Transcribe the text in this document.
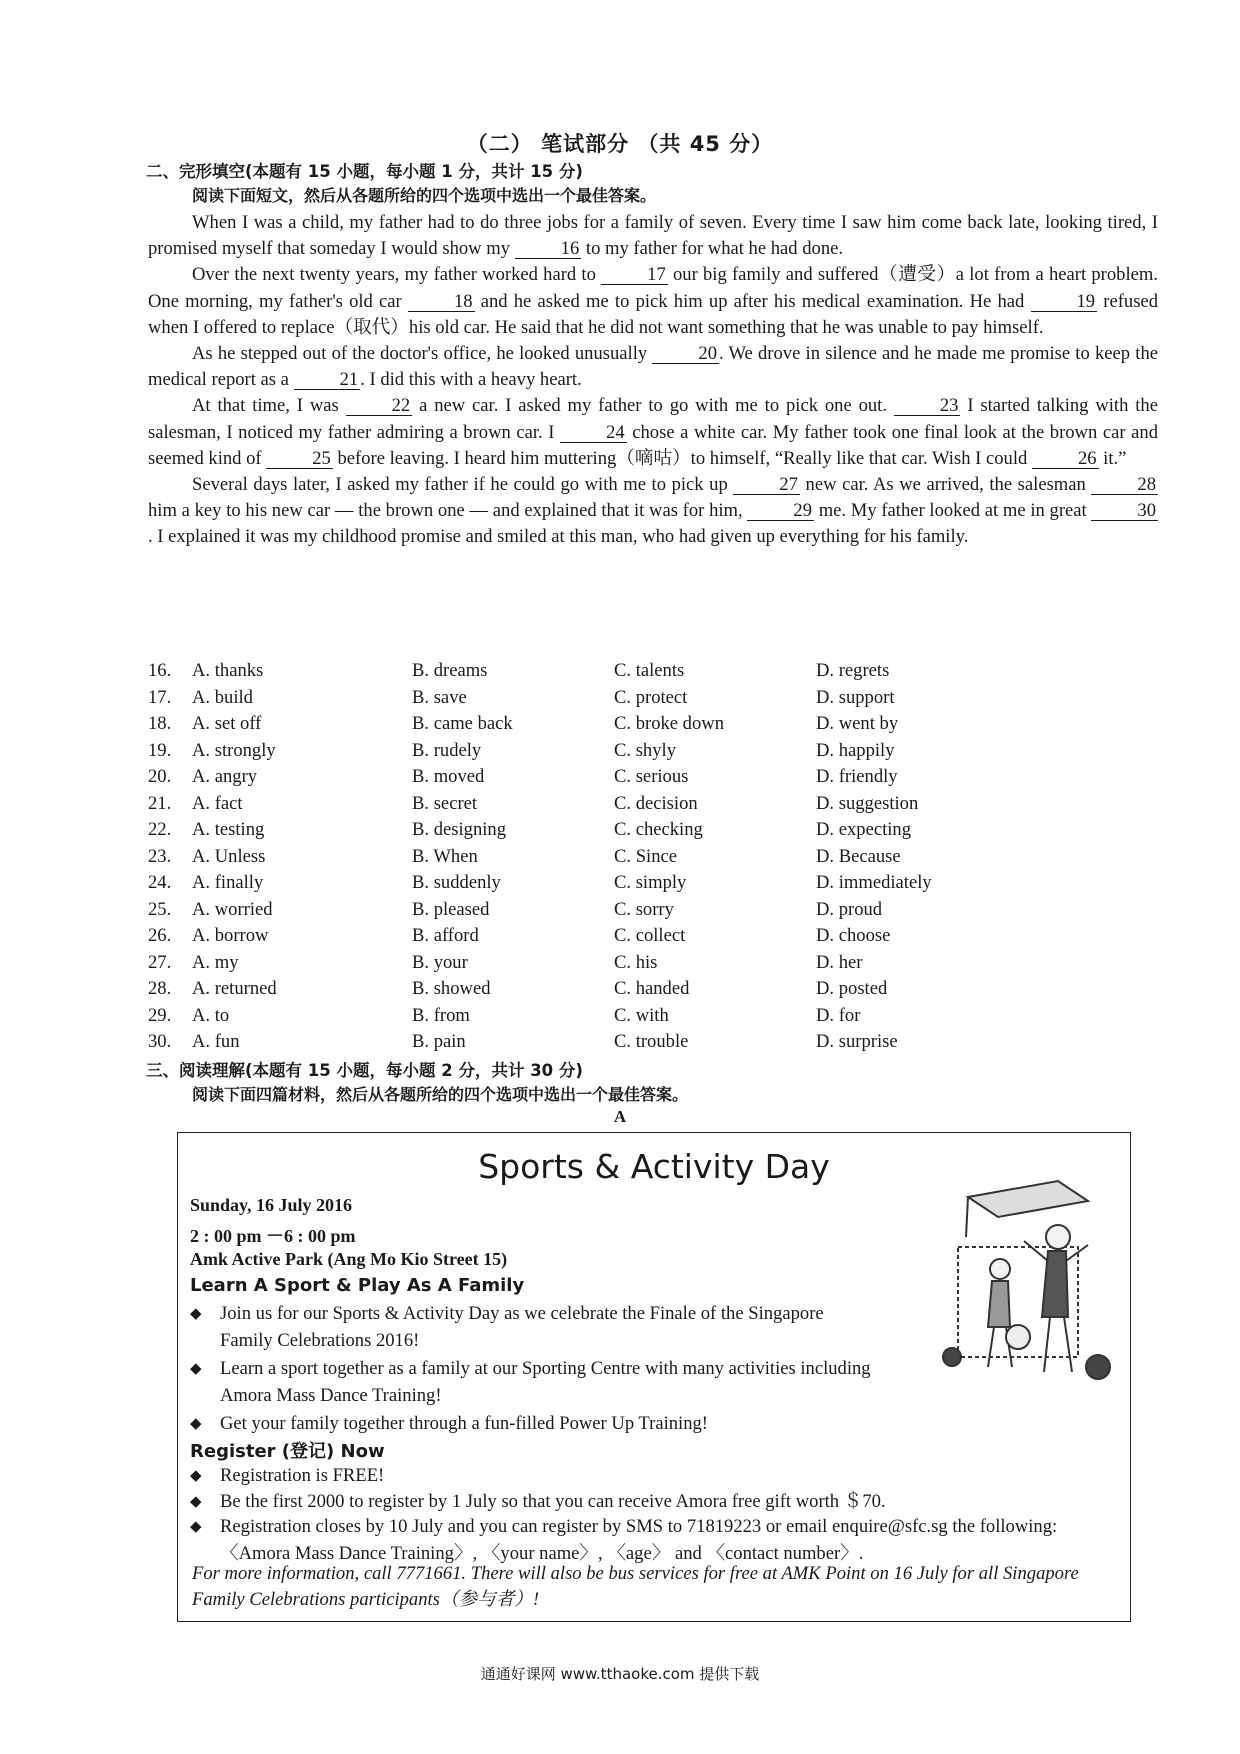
（二） 笔试部分 （共 45 分）
二、完形填空(本题有 15 小题，每小题 1 分，共计 15 分)
阅读下面短文，然后从各题所给的四个选项中选出一个最佳答案。

When I was a child, my father had to do three jobs for a family of seven. Every time I saw him come back late, looking tired, I promised myself that someday I would show my 16 to my father for what he had done.

Over the next twenty years, my father worked hard to 17 our big family and suffered（遭受）a lot from a heart problem. One morning, my father's old car 18 and he asked me to pick him up after his medical examination. He had 19 refused when I offered to replace（取代）his old car. He said that he did not want something that he was unable to pay himself.

As he stepped out of the doctor's office, he looked unusually 20 . We drove in silence and he made me promise to keep the medical report as a 21 . I did this with a heavy heart.

At that time, I was 22 a new car. I asked my father to go with me to pick one out. 23 I started talking with the salesman, I noticed my father admiring a brown car. I 24 chose a white car. My father took one final look at the brown car and seemed kind of 25 before leaving. I heard him muttering（嘀咕）to himself, “Really like that car. Wish I could 26 it.”

Several days later, I asked my father if he could go with me to pick up 27 new car. As we arrived, the salesman 28 him a key to his new car — the brown one — and explained that it was for him, 29 me. My father looked at me in great 30. I explained it was my childhood promise and smiled at this man, who had given up everything for his family.

16. A. thanks	B. dreams	C. talents	D. regrets
17. A. build	B. save	C. protect	D. support
18. A. set off	B. came back	C. broke down	D. went by
19. A. strongly	B. rudely	C. shyly	D. happily
20. A. angry	B. moved	C. serious	D. friendly
21. A. fact	B. secret	C. decision	D. suggestion
22. A. testing	B. designing	C. checking	D. expecting
23. A. Unless	B. When	C. Since	D. Because
24. A. finally	B. suddenly	C. simply	D. immediately
25. A. worried	B. pleased	C. sorry	D. proud
26. A. borrow	B. afford	C. collect	D. choose
27. A. my	B. your	C. his	D. her
28. A. returned	B. showed	C. handed	D. posted
29. A. to	B. from	C. with	D. for
30. A. fun	B. pain	C. trouble	D. surprise
三、阅读理解(本题有 15 小题，每小题 2 分，共计 30 分)
阅读下面四篇材料，然后从各题所给的四个选项中选出一个最佳答案。
A
Sports & Activity Day
Sunday, 16 July 2016
2 : 00 pm －6 : 00 pm
Amk Active Park (Ang Mo Kio Street 15)
Learn A Sport & Play As A Family
◆ Join us for our Sports & Activity Day as we celebrate the Finale of the Singapore Family Celebrations 2016!
◆ Learn a sport together as a family at our Sporting Centre with many activities including Amora Mass Dance Training!
◆ Get your family together through a fun-filled Power Up Training!
Register (登记) Now
◆ Registration is FREE!
◆ Be the first 2000 to register by 1 July so that you can receive Amora free gift worth ＄70.
◆ Registration closes by 10 July and you can register by SMS to 71819223 or email enquire@sfc.sg the following: 〈Amora Mass Dance Training〉, 〈your name〉, 〈age〉 and 〈contact number〉.
For more information, call 7771661. There will also be bus services for free at AMK Point on 16 July for all Singapore Family Celebrations participants（参与者）!
通通好课网 www.tthaoke.com 提供下载
